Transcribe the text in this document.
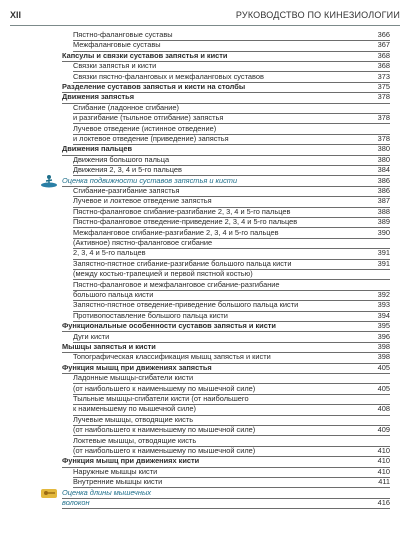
XII	РУКОВОДСТВО ПО КИНЕЗИОЛОГИИ
Пястно-фалангoвые суставы	366
Межфаланговые суставы	367
Капсулы и связки суставов запястья и кисти	368
Связки запястья и кисти	368
Связки пястно-фаланговых и межфаланговых суставов	373
Разделение суставов запястья и кисти на столбы	375
Движения запястья	378
Сгибание (ладонное сгибание)
и разгибание (тыльное отгибание) запястья	378
Лучевое отведение (истинное отведение)
и локтевое отведение (приведение) запястья	378
Движения пальцев	380
Движения большого пальца	380
Движения 2, 3, 4 и 5-го пальцев	384
Оценка подвижности суставов запястья и кисти	386
Сгибание-разгибание запястья	386
Лучевое и локтевое отведение запястья	387
Пястно-фаланговое сгибание-разгибание 2, 3, 4 и 5-го пальцев	388
Пястно-фаланговое отведение-приведение 2, 3, 4 и 5-го пальцев	389
Межфаланговое сгибание-разгибание 2, 3, 4 и 5-го пальцев	390
(Активное) пястно-фаланговое сгибание
2, 3, 4 и 5-го пальцев	391
Запястно-пястное сгибание-разгибание большого пальца кисти	391
(между костью-трапецией и первой пястной костью)
Пястно-фаланговое и межфаланговое сгибание-разгибание
большого пальца кисти	392
Запястно-пястное отведение-приведение большого пальца кисти	393
Противопоставление большого пальца кисти	394
Функциональные особенности суставов запястья и кисти	395
Дуги кисти	396
Мышцы запястья и кисти	398
Топографическая классификация мышц запястья и кисти	398
Функция мышц при движениях запястья	405
Ладонные мышцы-сгибатели кисти
(от наибольшего к наименьшему по мышечной силе)	405
Тыльные мышцы-сгибатели кисти (от наибольшего
к наименьшему по мышечной силе)	408
Лучевые мышцы, отводящие кисть
(от наибольшего к наименьшему по мышечной силе)	409
Локтевые мышцы, отводящие кисть
(от наибольшего к наименьшему по мышечной силе)	410
Функция мышц при движениях кисти	410
Наружные мышцы кисти	410
Внутренние мышцы кисти	411
Оценка длины мышечных
волокон	416
